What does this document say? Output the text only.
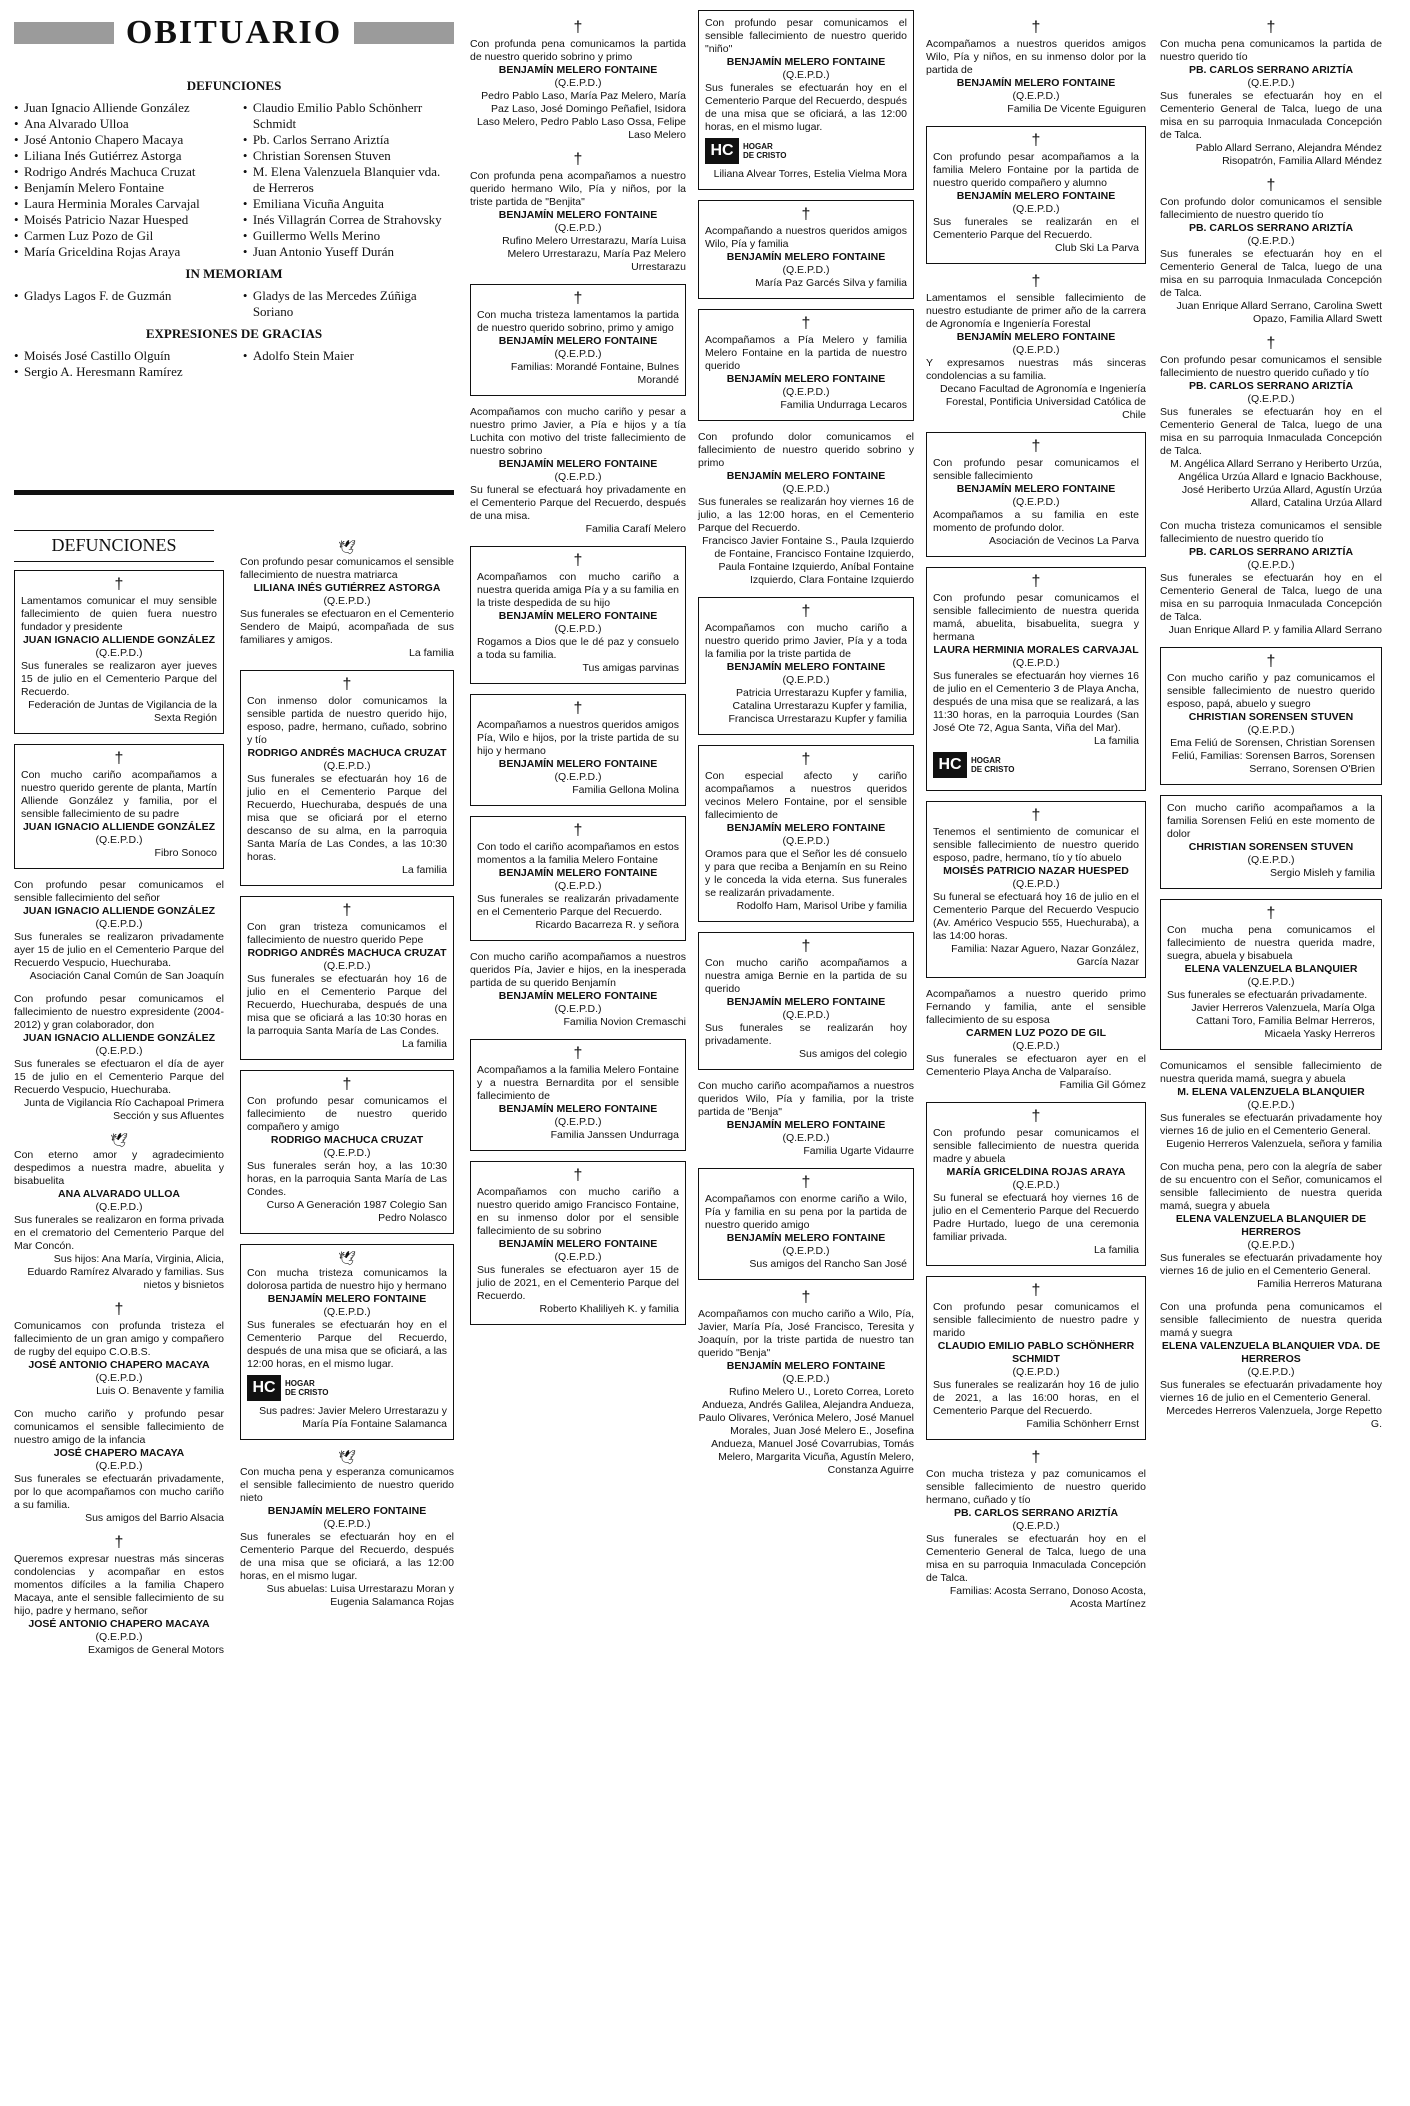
OBITUARIO
DEFUNCIONES
• Juan Ignacio Alliende González
• Ana Alvarado Ulloa
• José Antonio Chapero Macaya
• Liliana Inés Gutiérrez Astorga
• Rodrigo Andrés Machuca Cruzat
• Benjamín Melero Fontaine
• Laura Herminia Morales Carvajal
• Moisés Patricio Nazar Huesped
• Carmen Luz Pozo de Gil
• María Griceldina Rojas Araya
• Claudio Emilio Pablo Schönherr Schmidt
• Pb. Carlos Serrano Ariztía
• Christian Sorensen Stuven
• M. Elena Valenzuela Blanquier vda. de Herreros
• Emiliana Vicuña Anguita
• Inés Villagrán Correa de Strahovsky
• Guillermo Wells Merino
• Juan Antonio Yuseff Durán
IN MEMORIAM
• Gladys Lagos F. de Guzmán
•	Gladys de las Mercedes Zúñiga Soriano
EXPRESIONES DE GRACIAS
• Moisés José Castillo Olguín
• Sergio A. Heresmann Ramírez
• Adolfo Stein Maier
DEFUNCIONES
†
Lamentamos comunicar el muy sensible fallecimiento de quien fuera nuestro fundador y presidente
JUAN IGNACIO ALLIENDE GONZÁLEZ
(Q.E.P.D.)
Sus funerales se realizaron ayer jueves 15 de julio en el Cementerio Parque del Recuerdo.
Federación de Juntas de Vigilancia de la Sexta Región
†
Con mucho cariño acompañamos a nuestro querido gerente de planta, Martín Alliende González y familia, por el sensible fallecimiento de su padre
JUAN IGNACIO ALLIENDE GONZÁLEZ
(Q.E.P.D.)
Fibro Sonoco
Con profundo pesar comunicamos el sensible fallecimiento del señor
JUAN IGNACIO ALLIENDE GONZÁLEZ
(Q.E.P.D.)
Sus funerales se realizaron privadamente ayer 15 de julio en el Cementerio Parque del Recuerdo Vespucio, Huechuraba.
Asociación Canal Común de San Joaquín
Con profundo pesar comunicamos el fallecimiento de nuestro expresidente (2004-2012) y gran colaborador, don
JUAN IGNACIO ALLIENDE GONZÁLEZ
(Q.E.P.D.)
Sus funerales se efectuaron el día de ayer 15 de julio en el Cementerio Parque del Recuerdo Vespucio, Huechuraba.
Junta de Vigilancia Río Cachapoal Primera Sección y sus Afluentes
🕊
Con eterno amor y agradecimiento despedimos a nuestra madre, abuelita y bisabuelita
ANA ALVARADO ULLOA
(Q.E.P.D.)
Sus funerales se realizaron en forma privada en el crematorio del Cementerio Parque del Mar Concón.
Sus hijos: Ana María, Virginia, Alicia, Eduardo Ramírez Alvarado y familias. Sus nietos y bisnietos
†
Comunicamos con profunda tristeza el fallecimiento de un gran amigo y compañero de rugby del equipo C.O.B.S.
JOSÉ ANTONIO CHAPERO MACAYA
(Q.E.P.D.)
Luis O. Benavente y familia
Con mucho cariño y profundo pesar comunicamos el sensible fallecimiento de nuestro amigo de la infancia
JOSÉ CHAPERO MACAYA
(Q.E.P.D.)
Sus funerales se efectuarán privadamente, por lo que acompañamos con mucho cariño a su familia.
Sus amigos del Barrio Alsacia
†
Queremos expresar nuestras más sinceras condolencias y acompañar en estos momentos difíciles a la familia Chapero Macaya, ante el sensible fallecimiento de su hijo, padre y hermano, señor
JOSÉ ANTONIO CHAPERO MACAYA
(Q.E.P.D.)
Examigos de General Motors
🕊
Con profundo pesar comunicamos el sensible fallecimiento de nuestra matriarca
LILIANA INÉS GUTIÉRREZ ASTORGA
(Q.E.P.D.)
Sus funerales se efectuaron en el Cementerio Sendero de Maipú, acompañada de sus familiares y amigos.
La familia
†
Con inmenso dolor comunicamos la sensible partida de nuestro querido hijo, esposo, padre, hermano, cuñado, sobrino y tío
RODRIGO ANDRÉS MACHUCA CRUZAT
(Q.E.P.D.)
Sus funerales se efectuarán hoy 16 de julio en el Cementerio Parque del Recuerdo, Huechuraba, después de una misa que se oficiará por el eterno descanso de su alma, en la parroquia Santa María de Las Condes, a las 10:30 horas.
La familia
†
Con gran tristeza comunicamos el fallecimiento de nuestro querido Pepe
RODRIGO ANDRÉS MACHUCA CRUZAT
(Q.E.P.D.)
Sus funerales se efectuarán hoy 16 de julio en el Cementerio Parque del Recuerdo, Huechuraba, después de una misa que se oficiará a las 10:30 horas en la parroquia Santa María de Las Condes.
La familia
†
Con profundo pesar comunicamos el fallecimiento de nuestro querido compañero y amigo
RODRIGO MACHUCA CRUZAT
(Q.E.P.D.)
Sus funerales serán hoy, a las 10:30 horas, en la parroquia Santa María de Las Condes.
Curso A Generación 1987 Colegio San Pedro Nolasco
🕊
Con mucha tristeza comunicamos la dolorosa partida de nuestro hijo y hermano
BENJAMÍN MELERO FONTAINE
(Q.E.P.D.)
Sus funerales se efectuarán hoy en el Cementerio Parque del Recuerdo, después de una misa que se oficiará, a las 12:00 horas, en el mismo lugar.
HC	HOGAR
DE CRISTO
Sus padres: Javier Melero Urrestarazu y María Pía Fontaine Salamanca
🕊
Con mucha pena y esperanza comunicamos el sensible fallecimiento de nuestro querido nieto
BENJAMÍN MELERO FONTAINE
(Q.E.P.D.)
Sus funerales se efectuarán hoy en el Cementerio Parque del Recuerdo, después de una misa que se oficiará, a las 12:00 horas, en el mismo lugar.
Sus abuelas: Luisa Urrestarazu Moran y Eugenia Salamanca Rojas
†
Con profunda pena comunicamos la partida de nuestro querido sobrino y primo
BENJAMÍN MELERO FONTAINE
(Q.E.P.D.)
Pedro Pablo Laso, María Paz Melero, María Paz Laso, José Domingo Peñafiel, Isidora Laso Melero, Pedro Pablo Laso Ossa, Felipe Laso Melero
†
Con profunda pena acompañamos a nuestro querido hermano Wilo, Pía y niños, por la triste partida de "Benjita"
BENJAMÍN MELERO FONTAINE
(Q.E.P.D.)
Rufino Melero Urrestarazu, María Luisa Melero Urrestarazu, María Paz Melero Urrestarazu
†
Con mucha tristeza lamentamos la partida de nuestro querido sobrino, primo y amigo
BENJAMÍN MELERO FONTAINE
(Q.E.P.D.)
Familias: Morandé Fontaine, Bulnes Morandé
Acompañamos con mucho cariño y pesar a nuestro primo Javier, a Pía e hijos y a tía Luchita con motivo del triste fallecimiento de nuestro sobrino
BENJAMÍN MELERO FONTAINE
(Q.E.P.D.)
Su funeral se efectuará hoy privadamente en el Cementerio Parque del Recuerdo, después de una misa.
Familia Carafí Melero
†
Acompañamos con mucho cariño a nuestra querida amiga Pía y a su familia en la triste despedida de su hijo
BENJAMÍN MELERO FONTAINE
(Q.E.P.D.)
Rogamos a Dios que le dé paz y consuelo a toda su familia.
Tus amigas parvinas
†
Acompañamos a nuestros queridos amigos Pía, Wilo e hijos, por la triste partida de su hijo y hermano
BENJAMÍN MELERO FONTAINE
(Q.E.P.D.)
Familia Gellona Molina
†
Con todo el cariño acompañamos en estos momentos a la familia Melero Fontaine
BENJAMÍN MELERO FONTAINE
(Q.E.P.D.)
Sus funerales se realizarán privadamente en el Cementerio Parque del Recuerdo.
Ricardo Bacarreza R. y señora
Con mucho cariño acompañamos a nuestros queridos Pía, Javier e hijos, en la inesperada partida de su querido Benjamín
BENJAMÍN MELERO FONTAINE
(Q.E.P.D.)
Familia Novion Cremaschi
†
Acompañamos a la familia Melero Fontaine y a nuestra Bernardita por el sensible fallecimiento de
BENJAMÍN MELERO FONTAINE
(Q.E.P.D.)
Familia Janssen Undurraga
†
Acompañamos con mucho cariño a nuestro querido amigo Francisco Fontaine, en su inmenso dolor por el sensible fallecimiento de su sobrino
BENJAMÍN MELERO FONTAINE
(Q.E.P.D.)
Sus funerales se efectuaron ayer 15 de julio de 2021, en el Cementerio Parque del Recuerdo.
Roberto Khaliliyeh K. y familia
Con profundo pesar comunicamos el sensible fallecimiento de nuestro querido "niño"
BENJAMÍN MELERO FONTAINE
(Q.E.P.D.)
Sus funerales se efectuarán hoy en el Cementerio Parque del Recuerdo, después de una misa que se oficiará, a las 12:00 horas, en el mismo lugar.
HC	HOGAR
DE CRISTO
Liliana Alvear Torres, Estelia Vielma Mora
†
Acompañando a nuestros queridos amigos Wilo, Pía y familia
BENJAMÍN MELERO FONTAINE
(Q.E.P.D.)
María Paz Garcés Silva y familia
†
Acompañamos a Pía Melero y familia Melero Fontaine en la partida de nuestro querido
BENJAMÍN MELERO FONTAINE
(Q.E.P.D.)
Familia Undurraga Lecaros
Con profundo dolor comunicamos el fallecimiento de nuestro querido sobrino y primo
BENJAMÍN MELERO FONTAINE
(Q.E.P.D.)
Sus funerales se realizarán hoy viernes 16 de julio, a las 12:00 horas, en el Cementerio Parque del Recuerdo.
Francisco Javier Fontaine S., Paula Izquierdo de Fontaine, Francisco Fontaine Izquierdo, Paula Fontaine Izquierdo, Aníbal Fontaine Izquierdo, Clara Fontaine Izquierdo
†
Acompañamos con mucho cariño a nuestro querido primo Javier, Pía y a toda la familia por la triste partida de
BENJAMÍN MELERO FONTAINE
(Q.E.P.D.)
Patricia Urrestarazu Kupfer y familia, Catalina Urrestarazu Kupfer y familia, Francisca Urrestarazu Kupfer y familia
†
Con especial afecto y cariño acompañamos a nuestros queridos vecinos Melero Fontaine, por el sensible fallecimiento de
BENJAMÍN MELERO FONTAINE
(Q.E.P.D.)
Oramos para que el Señor les dé consuelo y para que reciba a Benjamín en su Reino y le conceda la vida eterna. Sus funerales se realizarán privadamente.
Rodolfo Ham, Marisol Uribe y familia
†
Con mucho cariño acompañamos a nuestra amiga Bernie en la partida de su querido
BENJAMÍN MELERO FONTAINE
(Q.E.P.D.)
Sus funerales se realizarán hoy privadamente.
Sus amigos del colegio
Con mucho cariño acompañamos a nuestros queridos Wilo, Pía y familia, por la triste partida de "Benja"
BENJAMÍN MELERO FONTAINE
(Q.E.P.D.)
Familia Ugarte Vidaurre
†
Acompañamos con enorme cariño a Wilo, Pía y familia en su pena por la partida de nuestro querido amigo
BENJAMÍN MELERO FONTAINE
(Q.E.P.D.)
Sus amigos del Rancho San José
†
Acompañamos con mucho cariño a Wilo, Pía, Javier, María Pía, José Francisco, Teresita y Joaquín, por la triste partida de nuestro tan querido "Benja"
BENJAMÍN MELERO FONTAINE
(Q.E.P.D.)
Rufino Melero U., Loreto Correa, Loreto Andueza, Andrés Galilea, Alejandra Andueza, Paulo Olivares, Verónica Melero, José Manuel Morales, Juan José Melero E., Josefina Andueza, Manuel José Covarrubias, Tomás Melero, Margarita Vicuña, Agustín Melero, Constanza Aguirre
†
Acompañamos a nuestros queridos amigos Wilo, Pía y niños, en su inmenso dolor por la partida de
BENJAMÍN MELERO FONTAINE
(Q.E.P.D.)
Familia De Vicente Eguiguren
†
Con profundo pesar acompañamos a la familia Melero Fontaine por la partida de nuestro querido compañero y alumno
BENJAMÍN MELERO FONTAINE
(Q.E.P.D.)
Sus funerales se realizarán en el Cementerio Parque del Recuerdo.
Club Ski La Parva
†
Lamentamos el sensible fallecimiento de nuestro estudiante de primer año de la carrera de Agronomía e Ingeniería Forestal
BENJAMÍN MELERO FONTAINE
(Q.E.P.D.)
Y expresamos nuestras más sinceras condolencias a su familia.
Decano Facultad de Agronomía e Ingeniería Forestal, Pontificia Universidad Católica de Chile
†
Con profundo pesar comunicamos el sensible fallecimiento
BENJAMÍN MELERO FONTAINE
(Q.E.P.D.)
Acompañamos a su familia en este momento de profundo dolor.
Asociación de Vecinos La Parva
†
Con profundo pesar comunicamos el sensible fallecimiento de nuestra querida mamá, abuelita, bisabuelita, suegra y hermana
LAURA HERMINIA MORALES CARVAJAL
(Q.E.P.D.)
Sus funerales se efectuarán hoy viernes 16 de julio en el Cementerio 3 de Playa Ancha, después de una misa que se realizará, a las 11:30 horas, en la parroquia Lourdes (San José Ote 72, Agua Santa, Viña del Mar).
La familia
HC	HOGAR
DE CRISTO
†
Tenemos el sentimiento de comunicar el sensible fallecimiento de nuestro querido esposo, padre, hermano, tío y tío abuelo
MOISÉS PATRICIO NAZAR HUESPED
(Q.E.P.D.)
Su funeral se efectuará hoy 16 de julio en el Cementerio Parque del Recuerdo Vespucio (Av. Américo Vespucio 555, Huechuraba), a las 14:00 horas.
Familia: Nazar Aguero, Nazar González, García Nazar
Acompañamos a nuestro querido primo Fernando y familia, ante el sensible fallecimiento de su esposa
CARMEN LUZ POZO DE GIL
(Q.E.P.D.)
Sus funerales se efectuaron ayer en el Cementerio Playa Ancha de Valparaíso.
Familia Gil Gómez
†
Con profundo pesar comunicamos el sensible fallecimiento de nuestra querida madre y abuela
MARÍA GRICELDINA ROJAS ARAYA
(Q.E.P.D.)
Su funeral se efectuará hoy viernes 16 de julio en el Cementerio Parque del Recuerdo Padre Hurtado, luego de una ceremonia familiar privada.
La familia
†
Con profundo pesar comunicamos el sensible fallecimiento de nuestro padre y marido
CLAUDIO EMILIO PABLO SCHÖNHERR SCHMIDT
(Q.E.P.D.)
Sus funerales se realizarán hoy 16 de julio de 2021, a las 16:00 horas, en el Cementerio Parque del Recuerdo.
Familia Schönherr Ernst
†
Con mucha tristeza y paz comunicamos el sensible fallecimiento de nuestro querido hermano, cuñado y tío
PB. CARLOS SERRANO ARIZTÍA
(Q.E.P.D.)
Sus funerales se efectuarán hoy en el Cementerio General de Talca, luego de una misa en su parroquia Inmaculada Concepción de Talca.
Familias: Acosta Serrano, Donoso Acosta, Acosta Martínez
†
Con mucha pena comunicamos la partida de nuestro querido tío
PB. CARLOS SERRANO ARIZTÍA
(Q.E.P.D.)
Sus funerales se efectuarán hoy en el Cementerio General de Talca, luego de una misa en su parroquia Inmaculada Concepción de Talca.
Pablo Allard Serrano, Alejandra Méndez Risopatrón, Familia Allard Méndez
†
Con profundo dolor comunicamos el sensible fallecimiento de nuestro querido tío
PB. CARLOS SERRANO ARIZTÍA
(Q.E.P.D.)
Sus funerales se efectuarán hoy en el Cementerio General de Talca, luego de una misa en su parroquia Inmaculada Concepción de Talca.
Juan Enrique Allard Serrano, Carolina Swett Opazo, Familia Allard Swett
†
Con profundo pesar comunicamos el sensible fallecimiento de nuestro querido cuñado y tío
PB. CARLOS SERRANO ARIZTÍA
(Q.E.P.D.)
Sus funerales se efectuarán hoy en el Cementerio General de Talca, luego de una misa en su parroquia Inmaculada Concepción de Talca.
M. Angélica Allard Serrano y Heriberto Urzúa, Angélica Urzúa Allard e Ignacio Backhouse, José Heriberto Urzúa Allard, Agustín Urzúa Allard, Catalina Urzúa Allard
Con mucha tristeza comunicamos el sensible fallecimiento de nuestro querido tío
PB. CARLOS SERRANO ARIZTÍA
(Q.E.P.D.)
Sus funerales se efectuarán hoy en el Cementerio General de Talca, luego de una misa en su parroquia Inmaculada Concepción de Talca.
Juan Enrique Allard P. y familia Allard Serrano
†
Con mucho cariño y paz comunicamos el sensible fallecimiento de nuestro querido esposo, papá, abuelo y suegro
CHRISTIAN SORENSEN STUVEN
(Q.E.P.D.)
Ema Feliú de Sorensen, Christian Sorensen Feliú, Familias: Sorensen Barros, Sorensen Serrano, Sorensen O'Brien
Con mucho cariño acompañamos a la familia Sorensen Feliú en este momento de dolor
CHRISTIAN SORENSEN STUVEN
(Q.E.P.D.)
Sergio Misleh y familia
†
Con mucha pena comunicamos el fallecimiento de nuestra querida madre, suegra, abuela y bisabuela
ELENA VALENZUELA BLANQUIER
(Q.E.P.D.)
Sus funerales se efectuarán privadamente.
Javier Herreros Valenzuela, María Olga Cattani Toro, Familia Belmar Herreros, Micaela Yasky Herreros
Comunicamos el sensible fallecimiento de nuestra querida mamá, suegra y abuela
M. ELENA VALENZUELA BLANQUIER
(Q.E.P.D.)
Sus funerales se efectuarán privadamente hoy viernes 16 de julio en el Cementerio General.
Eugenio Herreros Valenzuela, señora y familia
Con mucha pena, pero con la alegría de saber de su encuentro con el Señor, comunicamos el sensible fallecimiento de nuestra querida mamá, suegra y abuela
ELENA VALENZUELA BLANQUIER DE HERREROS
(Q.E.P.D.)
Sus funerales se efectuarán privadamente hoy viernes 16 de julio en el Cementerio General.
Familia Herreros Maturana
Con una profunda pena comunicamos el sensible fallecimiento de nuestra querida mamá y suegra
ELENA VALENZUELA BLANQUIER VDA. DE HERREROS
(Q.E.P.D.)
Sus funerales se efectuarán privadamente hoy viernes 16 de julio en el Cementerio General.
Mercedes Herreros Valenzuela, Jorge Repetto G.
